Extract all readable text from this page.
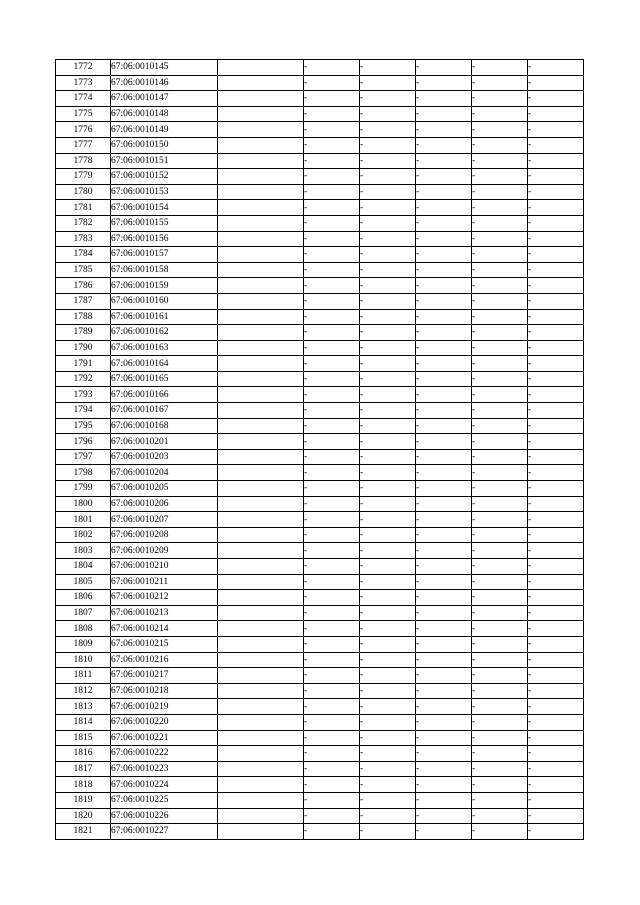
1772	67:06:0010145		-	-	-	-	-
1773	67:06:0010146		-	-	-	-	-
1774	67:06:0010147		-	-	-	-	-
1775	67:06:0010148		-	-	-	-	-
1776	67:06:0010149		-	-	-	-	-
1777	67:06:0010150		-	-	-	-	-
1778	67:06:0010151		-	-	-	-	-
1779	67:06:0010152		-	-	-	-	-
1780	67:06:0010153		-	-	-	-	-
1781	67:06:0010154		-	-	-	-	-
1782	67:06:0010155		-	-	-	-	-
1783	67:06:0010156		-	-	-	-	-
1784	67:06:0010157		-	-	-	-	-
1785	67:06:0010158		-	-	-	-	-
1786	67:06:0010159		-	-	-	-	-
1787	67:06:0010160		-	-	-	-	-
1788	67:06:0010161		-	-	-	-	-
1789	67:06:0010162		-	-	-	-	-
1790	67:06:0010163		-	-	-	-	-
1791	67:06:0010164		-	-	-	-	-
1792	67:06:0010165		-	-	-	-	-
1793	67:06:0010166		-	-	-	-	-
1794	67:06:0010167		-	-	-	-	-
1795	67:06:0010168		-	-	-	-	-
1796	67:06:0010201		-	-	-	-	-
1797	67:06:0010203		-	-	-	-	-
1798	67:06:0010204		-	-	-	-	-
1799	67:06:0010205		-	-	-	-	-
1800	67:06:0010206		-	-	-	-	-
1801	67:06:0010207		-	-	-	-	-
1802	67:06:0010208		-	-	-	-	-
1803	67:06:0010209		-	-	-	-	-
1804	67:06:0010210		-	-	-	-	-
1805	67:06:0010211		-	-	-	-	-
1806	67:06:0010212		-	-	-	-	-
1807	67:06:0010213		-	-	-	-	-
1808	67:06:0010214		-	-	-	-	-
1809	67:06:0010215		-	-	-	-	-
1810	67:06:0010216		-	-	-	-	-
1811	67:06:0010217		-	-	-	-	-
1812	67:06:0010218		-	-	-	-	-
1813	67:06:0010219		-	-	-	-	-
1814	67:06:0010220		-	-	-	-	-
1815	67:06:0010221		-	-	-	-	-
1816	67:06:0010222		-	-	-	-	-
1817	67:06:0010223		-	-	-	-	-
1818	67:06:0010224		-	-	-	-	-
1819	67:06:0010225		-	-	-	-	-
1820	67:06:0010226		-	-	-	-	-
1821	67:06:0010227		-	-	-	-	-
